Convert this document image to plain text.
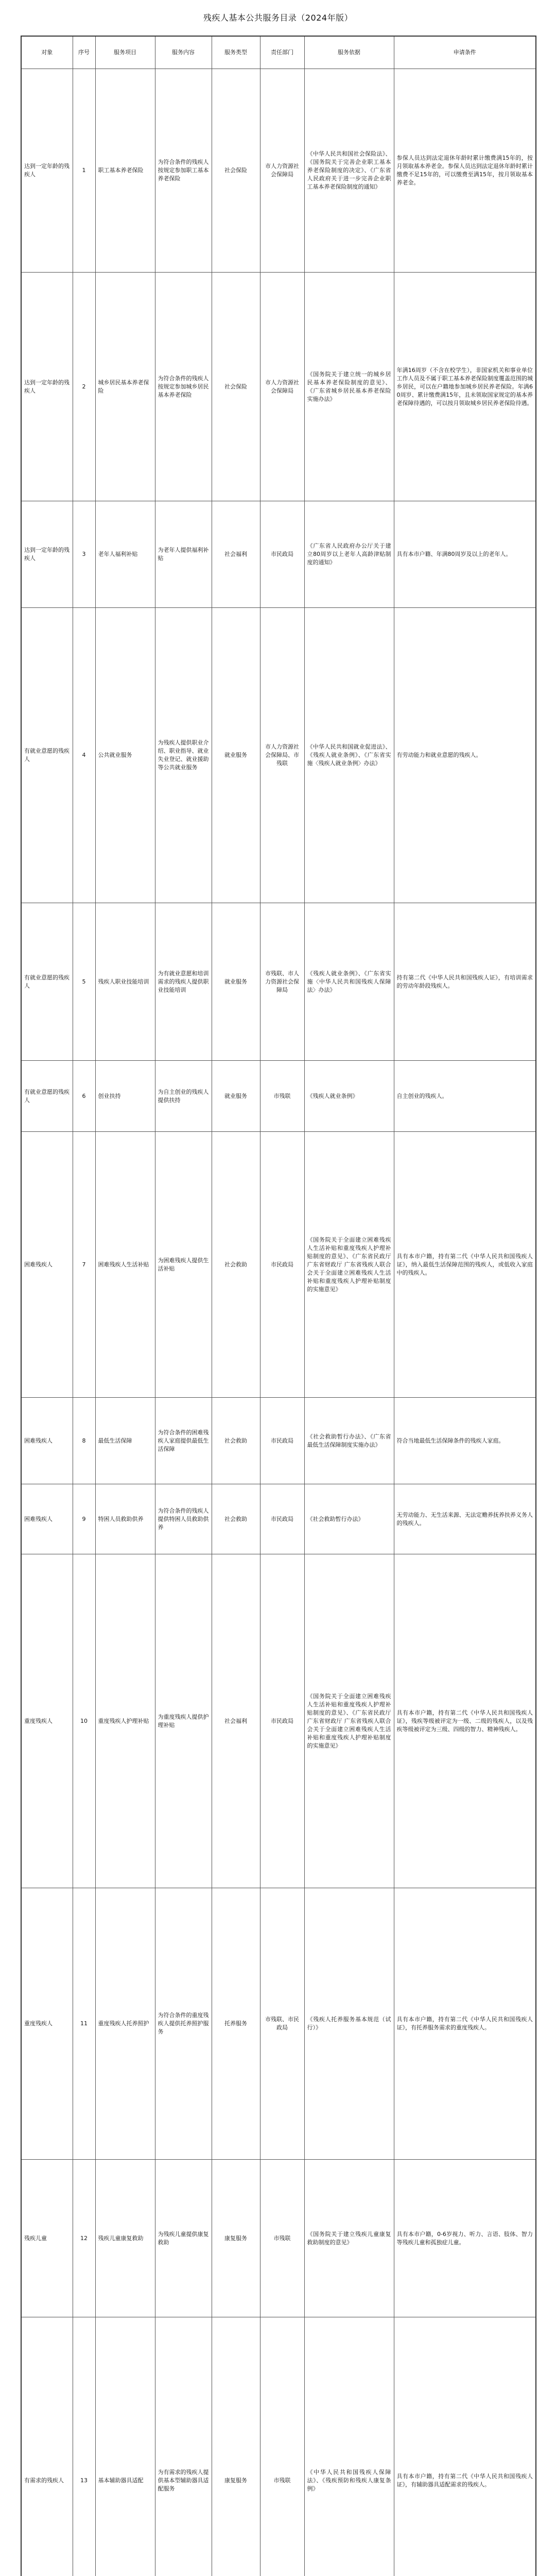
残疾人基本公共服务目录（2024年版）
对象	序号	服务项目	服务内容	服务类型	责任部门	服务依据	申请条件
达到一定年龄的残疾人	1	职工基本养老保险	为符合条件的残疾人按规定参加职工基本养老保险	社会保险	市人力资源社会保障局	《中华人民共和国社会保险法》、《国务院关于完善企业职工基本养老保险制度的决定》、《广东省人民政府关于进一步完善企业职工基本养老保险制度的通知》	参保人员达到法定退休年龄时累计缴费满15年的，按月领取基本养老金。参保人员达到法定退休年龄时累计缴费不足15年的，可以缴费至满15年，按月领取基本养老金。
达到一定年龄的残疾人	2	城乡居民基本养老保险	为符合条件的残疾人按规定参加城乡居民基本养老保险	社会保险	市人力资源社会保障局	《国务院关于建立统一的城乡居民基本养老保险制度的意见》、《广东省城乡居民基本养老保险实施办法》	年满16周岁（不含在校学生），非国家机关和事业单位工作人员及不属于职工基本养老保险制度覆盖范围的城乡居民，可以在户籍地参加城乡居民养老保险。年满60周岁、累计缴费满15年，且未领取国家规定的基本养老保障待遇的，可以按月领取城乡居民养老保险待遇。
达到一定年龄的残疾人	3	老年人福利补贴	为老年人提供福利补贴	社会福利	市民政局	《广东省人民政府办公厅关于建立80周岁以上老年人高龄津贴制度的通知》	具有本市户籍、年满80周岁及以上的老年人。
有就业意愿的残疾人	4	公共就业服务	为残疾人提供职业介绍、职业指导、就业失业登记、就业援助等公共就业服务	就业服务	市人力资源社会保障局、市残联	《中华人民共和国就业促进法》、《残疾人就业条例》、《广东省实施〈残疾人就业条例〉办法》	有劳动能力和就业意愿的残疾人。
有就业意愿的残疾人	5	残疾人职业技能培训	为有就业意愿和培训需求的残疾人提供职业技能培训	就业服务	市残联、市人力资源社会保障局	《残疾人就业条例》、《广东省实施〈中华人民共和国残疾人保障法〉办法》	持有第二代《中华人民共和国残疾人证》，有培训需求的劳动年龄段残疾人。
有就业意愿的残疾人	6	创业扶持	为自主创业的残疾人提供扶持	就业服务	市残联	《残疾人就业条例》	自主创业的残疾人。
困难残疾人	7	困难残疾人生活补贴	为困难残疾人提供生活补贴	社会救助	市民政局	《国务院关于全面建立困难残疾人生活补贴和重度残疾人护理补贴制度的意见》、《广东省民政厅 广东省财政厅 广东省残疾人联合会关于全面建立困难残疾人生活补贴和重度残疾人护理补贴制度的实施意见》	具有本市户籍，持有第二代《中华人民共和国残疾人证》，纳入最低生活保障范围的残疾人，或低收入家庭中的残疾人。
困难残疾人	8	最低生活保障	为符合条件的困难残疾人家庭提供最低生活保障	社会救助	市民政局	《社会救助暂行办法》、《广东省最低生活保障制度实施办法》	符合当地最低生活保障条件的残疾人家庭。
困难残疾人	9	特困人员救助供养	为符合条件的残疾人提供特困人员救助供养	社会救助	市民政局	《社会救助暂行办法》	无劳动能力、无生活来源、无法定赡养抚养扶养义务人的残疾人。
重度残疾人	10	重度残疾人护理补贴	为重度残疾人提供护理补贴	社会福利	市民政局	《国务院关于全面建立困难残疾人生活补贴和重度残疾人护理补贴制度的意见》、《广东省民政厅 广东省财政厅 广东省残疾人联合会关于全面建立困难残疾人生活补贴和重度残疾人护理补贴制度的实施意见》	具有本市户籍，持有第二代《中华人民共和国残疾人证》，残疾等级被评定为一级、二级的残疾人，以及残疾等级被评定为三级、四级的智力、精神残疾人。
重度残疾人	11	重度残疾人托养照护	为符合条件的重度残疾人提供托养照护服务	托养服务	市残联、市民政局	《残疾人托养服务基本规范（试行）》	具有本市户籍，持有第二代《中华人民共和国残疾人证》，有托养服务需求的重度残疾人。
残疾儿童	12	残疾儿童康复救助	为残疾儿童提供康复救助	康复服务	市残联	《国务院关于建立残疾儿童康复救助制度的意见》	具有本市户籍，0-6岁视力、听力、言语、肢体、智力等残疾儿童和孤独症儿童。
有需求的残疾人	13	基本辅助器具适配	为有需求的残疾人提供基本型辅助器具适配服务	康复服务	市残联	《中华人民共和国残疾人保障法》、《残疾预防和残疾人康复条例》	具有本市户籍，持有第二代《中华人民共和国残疾人证》，有辅助器具适配需求的残疾人。
